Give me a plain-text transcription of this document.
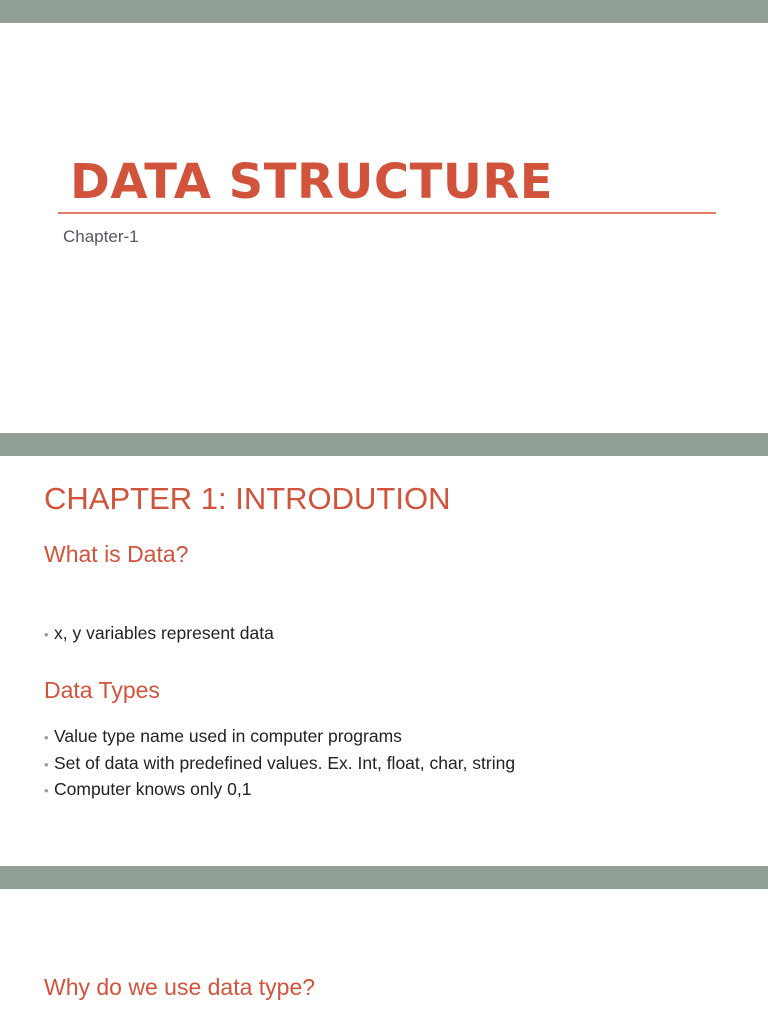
DATA STRUCTURE
Chapter-1
CHAPTER 1: INTRODUTION
What is Data?
• x, y variables represent data
Data Types
• Value type name used in computer programs
• Set of data with predefined values. Ex. Int, float, char, string
• Computer knows only 0,1
Why do we use data type?
